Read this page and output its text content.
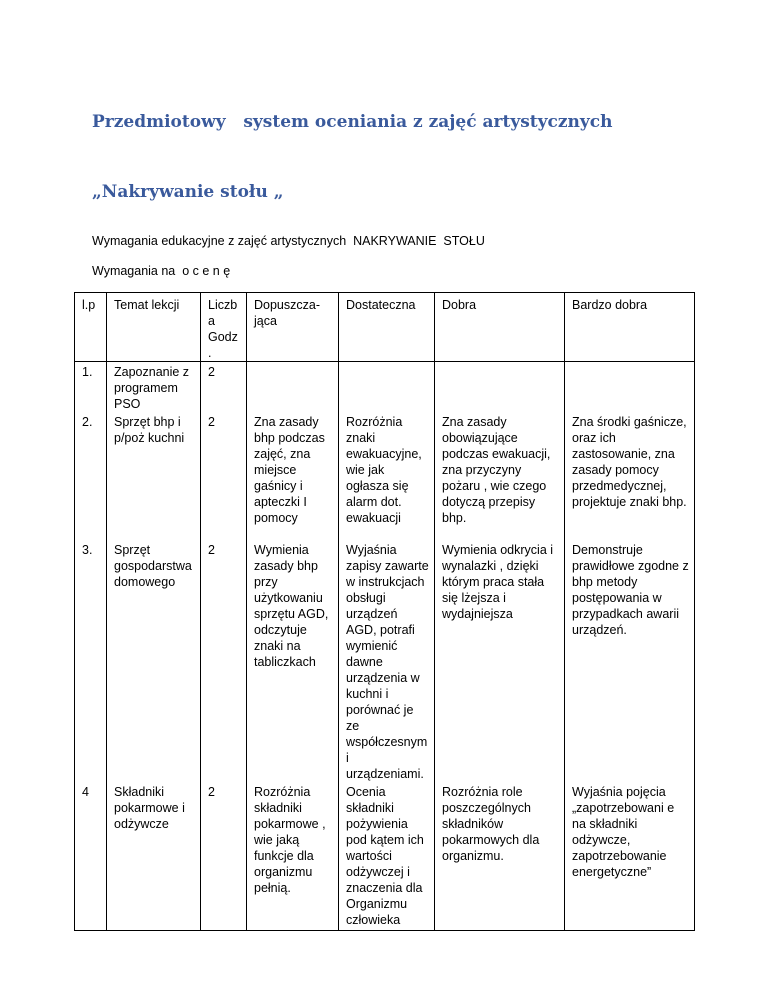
Przedmiotowy   system oceniania z zajęć artystycznych
„Nakrywanie stołu „
Wymagania edukacyjne z zajęć artystycznych  NAKRYWANIE  STOŁU
Wymagania na  o c e n ę
l.p	Temat lekcji	Liczb a Godz.	Dopuszcza-jąca	Dostateczna	Dobra	Bardzo dobra
1.	Zapoznanie z programem PSO	2				
2.	Sprzęt bhp i p/poż kuchni	2	Zna zasady bhp podczas zajęć, zna miejsce gaśnicy i apteczki I pomocy	Rozróżnia znaki ewakuacyjne, wie jak ogłasza się alarm dot. ewakuacji	Zna zasady obowiązujące podczas ewakuacji, zna przyczyny pożaru , wie czego dotyczą przepisy bhp.	Zna środki gaśnicze, oraz ich zastosowanie, zna zasady pomocy przedmedycznej, projektuje znaki bhp.
3.	Sprzęt gospodarstwa domowego	2	Wymienia zasady bhp przy użytkowaniu sprzętu AGD, odczytuje znaki na tabliczkach	Wyjaśnia zapisy zawarte w instrukcjach obsługi urządzeń AGD, potrafi wymienić dawne urządzenia w kuchni i porównać je ze współczesnym i urządzeniami.	Wymienia odkrycia i wynalazki , dzięki którym praca stała się lżejsza i wydajniejsza	Demonstruje prawidłowe zgodne z bhp metody postępowania w przypadkach awarii urządzeń.
4	Składniki pokarmowe i odżywcze	2	Rozróżnia składniki pokarmowe , wie jaką funkcje dla organizmu pełnią.	Ocenia składniki pożywienia pod kątem ich wartości odżywczej i znaczenia dla Organizmu człowieka	Rozróżnia role poszczególnych składników pokarmowych dla organizmu.	Wyjaśnia pojęcia „zapotrzebowani e na składniki odżywcze, zapotrzebowanie energetyczne”
